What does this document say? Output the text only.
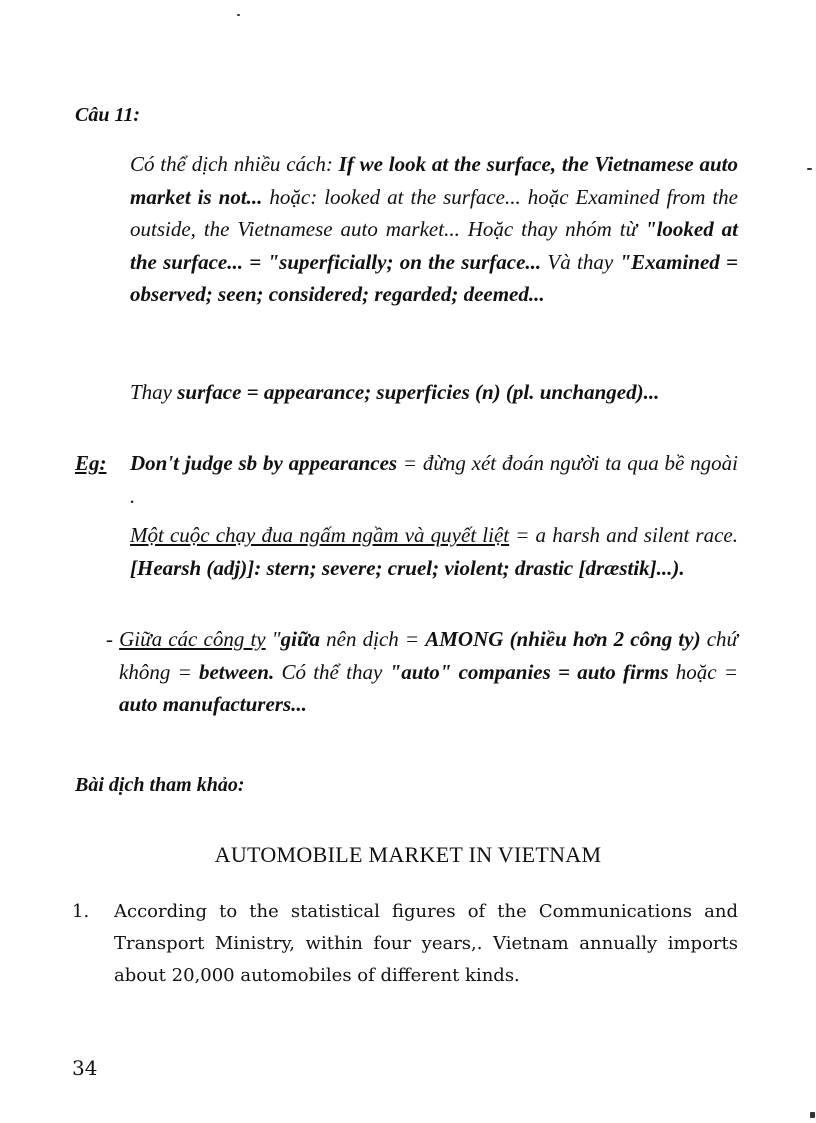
Câu 11:

Có thể dịch nhiều cách: If we look at the surface, the Vietnamese auto market is not... hoặc: looked at the surface... hoặc Examined from the outside, the Vietnamese auto market... Hoặc thay nhóm từ "looked at the surface... = "superficially; on the surface... Và thay "Examined = observed; seen; considered; regarded; deemed...

Thay surface = appearance; superficies (n) (pl. unchanged)...

Eg: Don't judge sb by appearances = đừng xét đoán người ta qua bề ngoài .

Một cuộc chạy đua ngấm ngầm và quyết liệt = a harsh and silent race. [Hearsh (adj)]: stern; severe; cruel; violent; drastic [dræstik]...).

- Giữa các công ty "giữa nên dịch = AMONG (nhiều hơn 2 công ty) chứ không = between. Có thể thay "auto" companies = auto firms hoặc = auto manufacturers...

Bài dịch tham khảo:
AUTOMOBILE MARKET IN VIETNAM
1. According to the statistical figures of the Communications and Transport Ministry, within four years,. Vietnam annually imports about 20,000 automobiles of different kinds.
34
